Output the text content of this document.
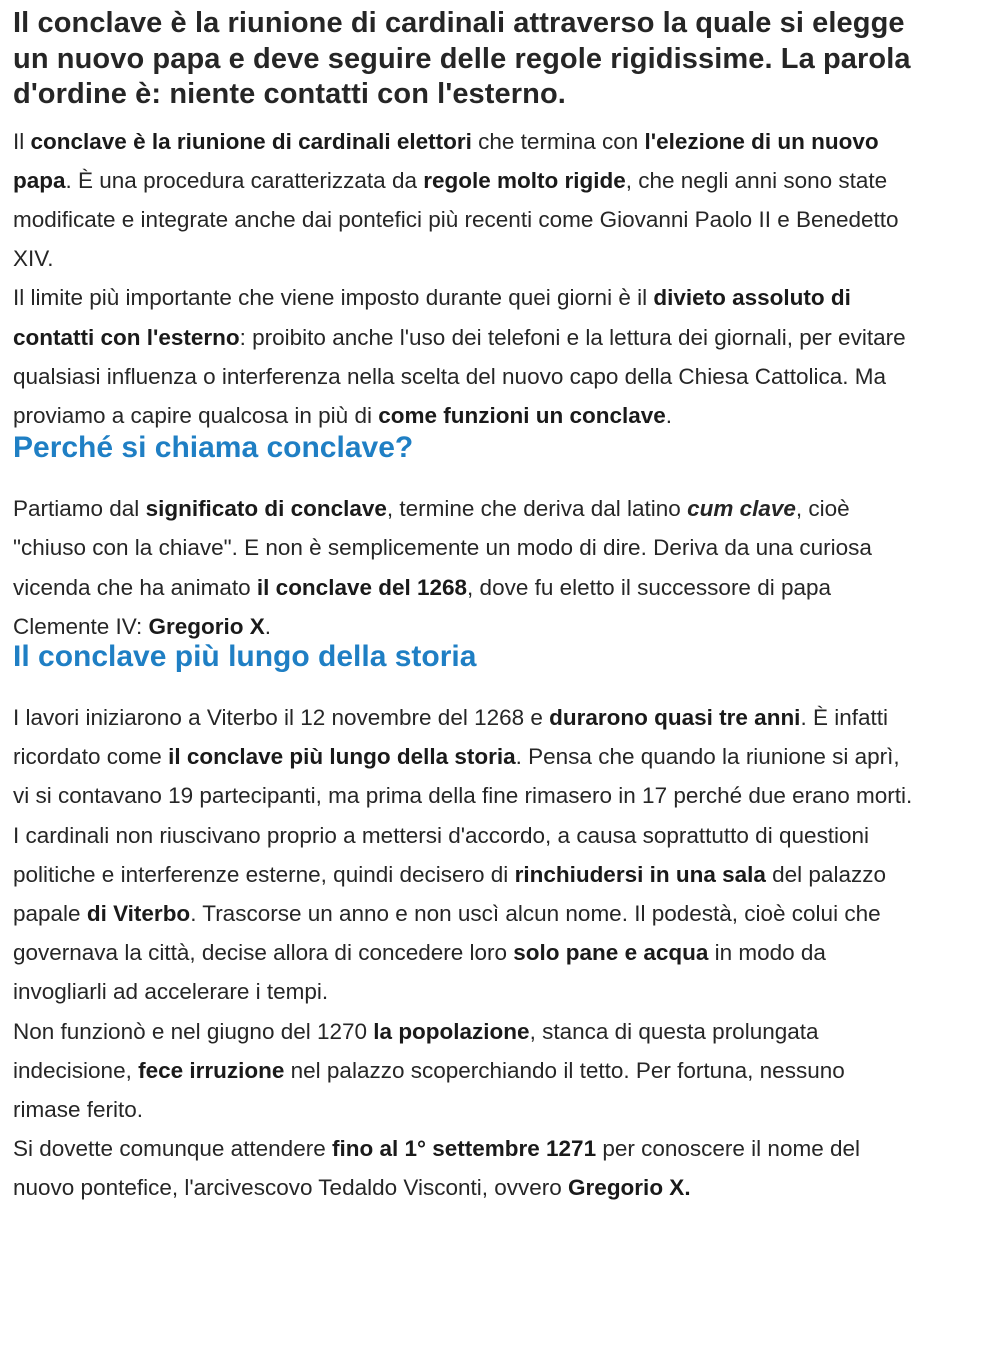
Il conclave è la riunione di cardinali attraverso la quale si elegge un nuovo papa e deve seguire delle regole rigidissime. La parola d'ordine è: niente contatti con l'esterno.

Il conclave è la riunione di cardinali elettori che termina con l'elezione di un nuovo papa. È una procedura caratterizzata da regole molto rigide, che negli anni sono state modificate e integrate anche dai pontefici più recenti come Giovanni Paolo II e Benedetto XIV.

Il limite più importante che viene imposto durante quei giorni è il divieto assoluto di contatti con l'esterno: proibito anche l'uso dei telefoni e la lettura dei giornali, per evitare qualsiasi influenza o interferenza nella scelta del nuovo capo della Chiesa Cattolica. Ma proviamo a capire qualcosa in più di come funzioni un conclave.

Perché si chiama conclave?

Partiamo dal significato di conclave, termine che deriva dal latino cum clave, cioè "chiuso con la chiave". E non è semplicemente un modo di dire. Deriva da una curiosa vicenda che ha animato il conclave del 1268, dove fu eletto il successore di papa Clemente IV: Gregorio X.

Il conclave più lungo della storia

I lavori iniziarono a Viterbo il 12 novembre del 1268 e durarono quasi tre anni. È infatti ricordato come il conclave più lungo della storia. Pensa che quando la riunione si aprì, vi si contavano 19 partecipanti, ma prima della fine rimasero in 17 perché due erano morti.

I cardinali non riuscivano proprio a mettersi d'accordo, a causa soprattutto di questioni politiche e interferenze esterne, quindi decisero di rinchiudersi in una sala del palazzo papale di Viterbo. Trascorse un anno e non uscì alcun nome. Il podestà, cioè colui che governava la città, decise allora di concedere loro solo pane e acqua in modo da invogliarli ad accelerare i tempi.

Non funzionò e nel giugno del 1270 la popolazione, stanca di questa prolungata indecisione, fece irruzione nel palazzo scoperchiando il tetto. Per fortuna, nessuno rimase ferito.

Si dovette comunque attendere fino al 1° settembre 1271 per conoscere il nome del nuovo pontefice, l'arcivescovo Tedaldo Visconti, ovvero Gregorio X.
